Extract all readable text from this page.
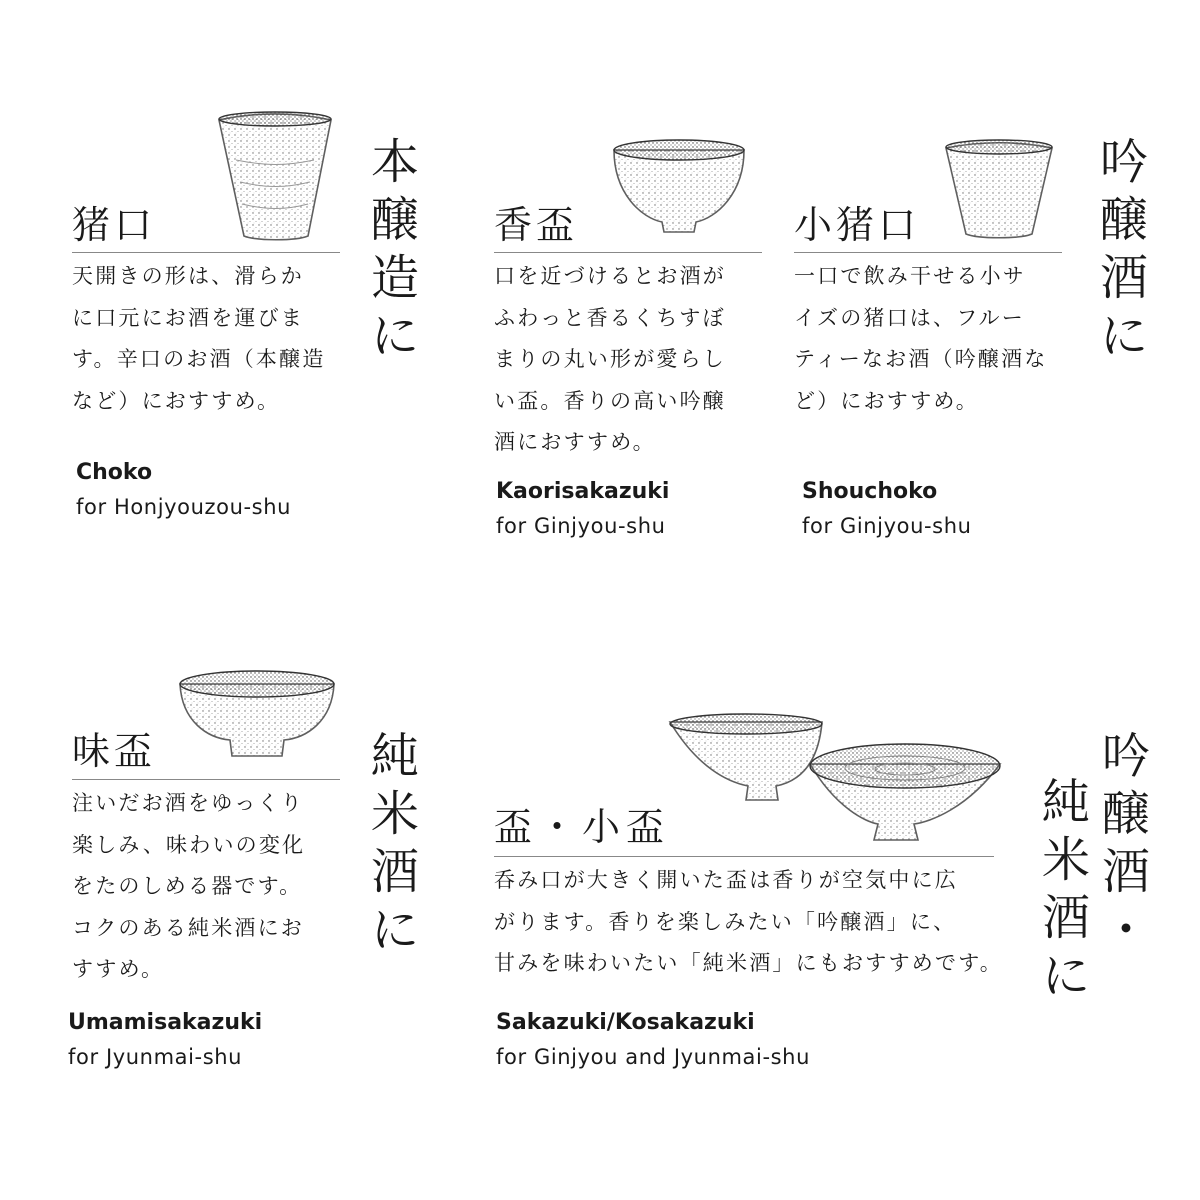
猪口
天開きの形は、滑らか
に口元にお酒を運びま
す。辛口のお酒（本醸造
など）におすすめ。
Choko
for Honjyouzou-shu
本
醸
造
に
香盃
口を近づけるとお酒が
ふわっと香るくちすぼ
まりの丸い形が愛らし
い盃。香りの高い吟醸
酒におすすめ。
Kaorisakazuki
for Ginjyou-shu
小猪口
一口で飲み干せる小サ
イズの猪口は、フルー
ティーなお酒（吟醸酒な
ど）におすすめ。
Shouchoko
for Ginjyou-shu
吟
醸
酒
に
味盃
注いだお酒をゆっくり
楽しみ、味わいの変化
をたのしめる器です。
コクのある純米酒にお
すすめ。
Umamisakazuki
for Jyunmai-shu
純
米
酒
に
盃・小盃
呑み口が大きく開いた盃は香りが空気中に広
がります。香りを楽しみたい「吟醸酒」に、
甘みを味わいたい「純米酒」にもおすすめです。
Sakazuki/Kosakazuki
for Ginjyou and Jyunmai-shu
吟
醸
酒
・
純
米
酒
に
